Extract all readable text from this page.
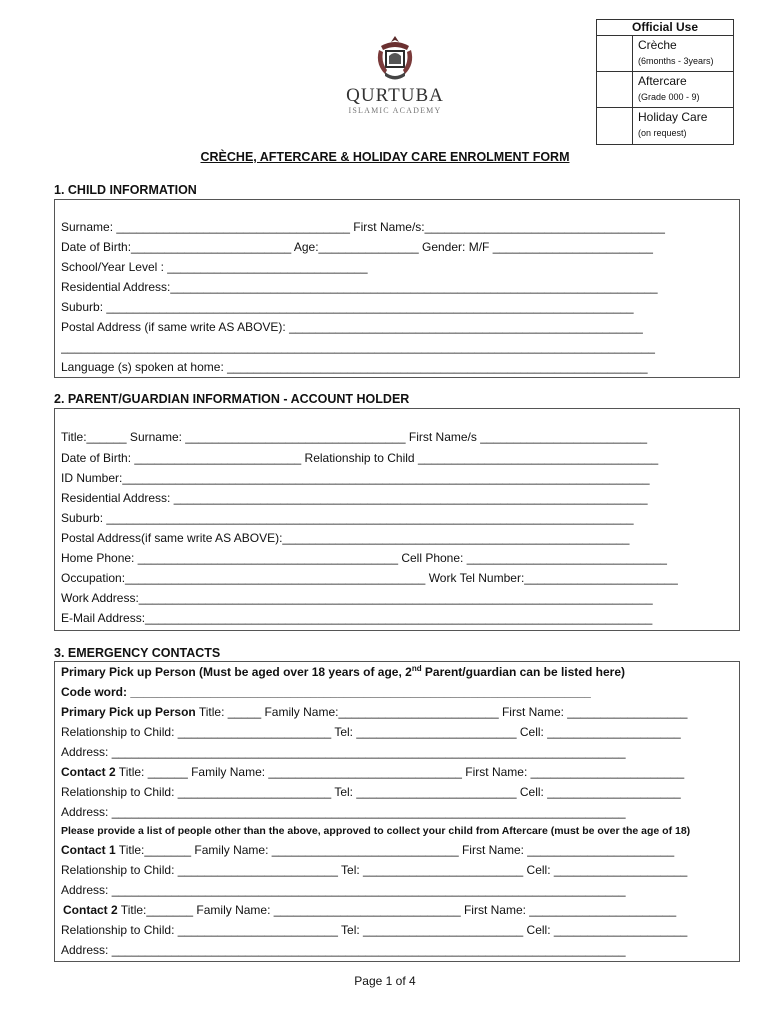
QURTUBA
ISLAMIC ACADEMY
Official Use
Crèche
(6months - 3years)
Aftercare
(Grade 000 - 9)
Holiday Care
(on request)
CRÈCHE, AFTERCARE & HOLIDAY CARE ENROLMENT FORM
1. CHILD INFORMATION
Surname: ___________________________________ First Name/s:____________________________________
Date of Birth:________________________ Age:_______________ Gender: M/F ________________________
School/Year Level : ______________________________
Residential Address:_________________________________________________________________________
Suburb: _______________________________________________________________________________
Postal Address (if same write AS ABOVE): _____________________________________________________
_________________________________________________________________________________________
Language (s) spoken at home: _______________________________________________________________
2. PARENT/GUARDIAN INFORMATION - ACCOUNT HOLDER
Title:______ Surname: _________________________________ First Name/s _________________________
Date of Birth: _________________________ Relationship to Child ____________________________________
ID Number:_______________________________________________________________________________
Residential Address: _______________________________________________________________________
Suburb: _______________________________________________________________________________
Postal Address(if same write AS ABOVE):____________________________________________________
Home Phone: _______________________________________ Cell Phone: ______________________________
Occupation:_____________________________________________ Work Tel Number:_______________________
Work Address:_____________________________________________________________________________
E-Mail Address:____________________________________________________________________________
3. EMERGENCY CONTACTS
Primary Pick up Person (Must be aged over 18 years of age, 2nd Parent/guardian can be listed here)
Code word: _____________________________________________________________________
Primary Pick up Person Title: _____ Family Name:________________________ First Name: __________________
Relationship to Child: _______________________ Tel: ________________________ Cell: ____________________
Address: _____________________________________________________________________________
Contact 2 Title: ______ Family Name: _____________________________ First Name: _______________________
Relationship to Child: _______________________ Tel: ________________________ Cell: ____________________
Address: _____________________________________________________________________________
Please provide a list of people other than the above, approved to collect your child from Aftercare (must be over the age of 18)
Contact 1 Title:_______ Family Name: ____________________________ First Name: ______________________
Relationship to Child: ________________________ Tel: ________________________ Cell: ____________________
Address: _____________________________________________________________________________
Contact 2 Title:_______ Family Name: ____________________________ First Name: ______________________
Relationship to Child: ________________________ Tel: ________________________ Cell: ____________________
Address: _____________________________________________________________________________
Page 1 of 4
